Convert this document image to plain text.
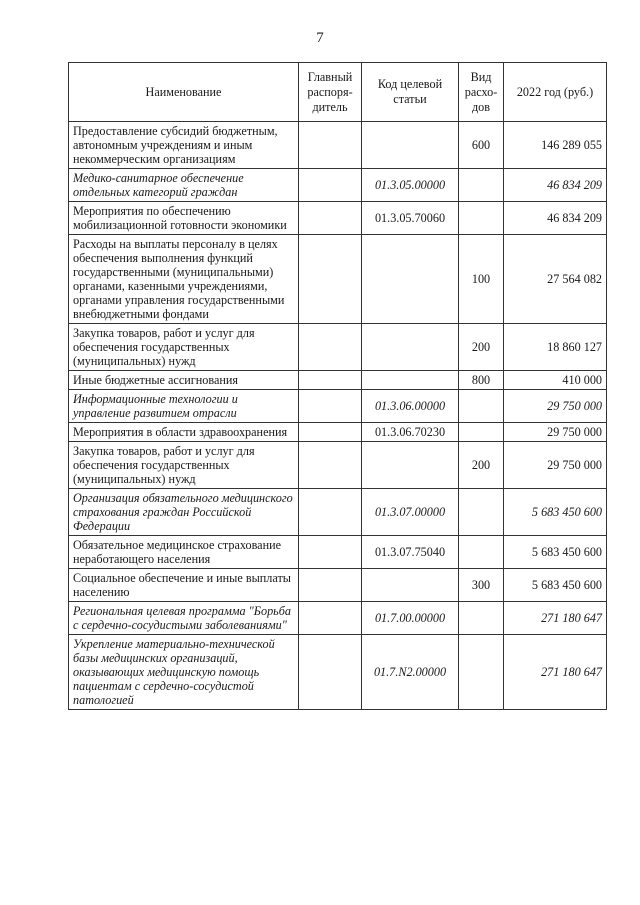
7
Наименование	Главный распоря-дитель	Код целевой статьи	Вид расхо-дов	2022 год (руб.)
Предоставление субсидий бюджетным, автономным учреждениям и иным некоммерческим организациям			600	146 289 055
Медико-санитарное обеспечение отдельных категорий граждан		01.3.05.00000		46 834 209
Мероприятия по обеспечению мобилизационной готовности экономики		01.3.05.70060		46 834 209
Расходы на выплаты персоналу в целях обеспечения выполнения функций государственными (муниципальными) органами, казенными учреждениями, органами управления государственными внебюджетными фондами			100	27 564 082
Закупка товаров, работ и услуг для обеспечения государственных (муниципальных) нужд			200	18 860 127
Иные бюджетные ассигнования			800	410 000
Информационные технологии и управление развитием отрасли		01.3.06.00000		29 750 000
Мероприятия в области здравоохранения		01.3.06.70230		29 750 000
Закупка товаров, работ и услуг для обеспечения государственных (муниципальных) нужд			200	29 750 000
Организация обязательного медицинского страхования граждан Российской Федерации		01.3.07.00000		5 683 450 600
Обязательное медицинское страхование неработающего населения		01.3.07.75040		5 683 450 600
Социальное обеспечение и иные выплаты населению			300	5 683 450 600
Региональная целевая программа "Борьба с сердечно-сосудистыми заболеваниями"		01.7.00.00000		271 180 647
Укрепление материально-технической базы медицинских организаций, оказывающих медицинскую помощь пациентам с сердечно-сосудистой патологией		01.7.N2.00000		271 180 647
